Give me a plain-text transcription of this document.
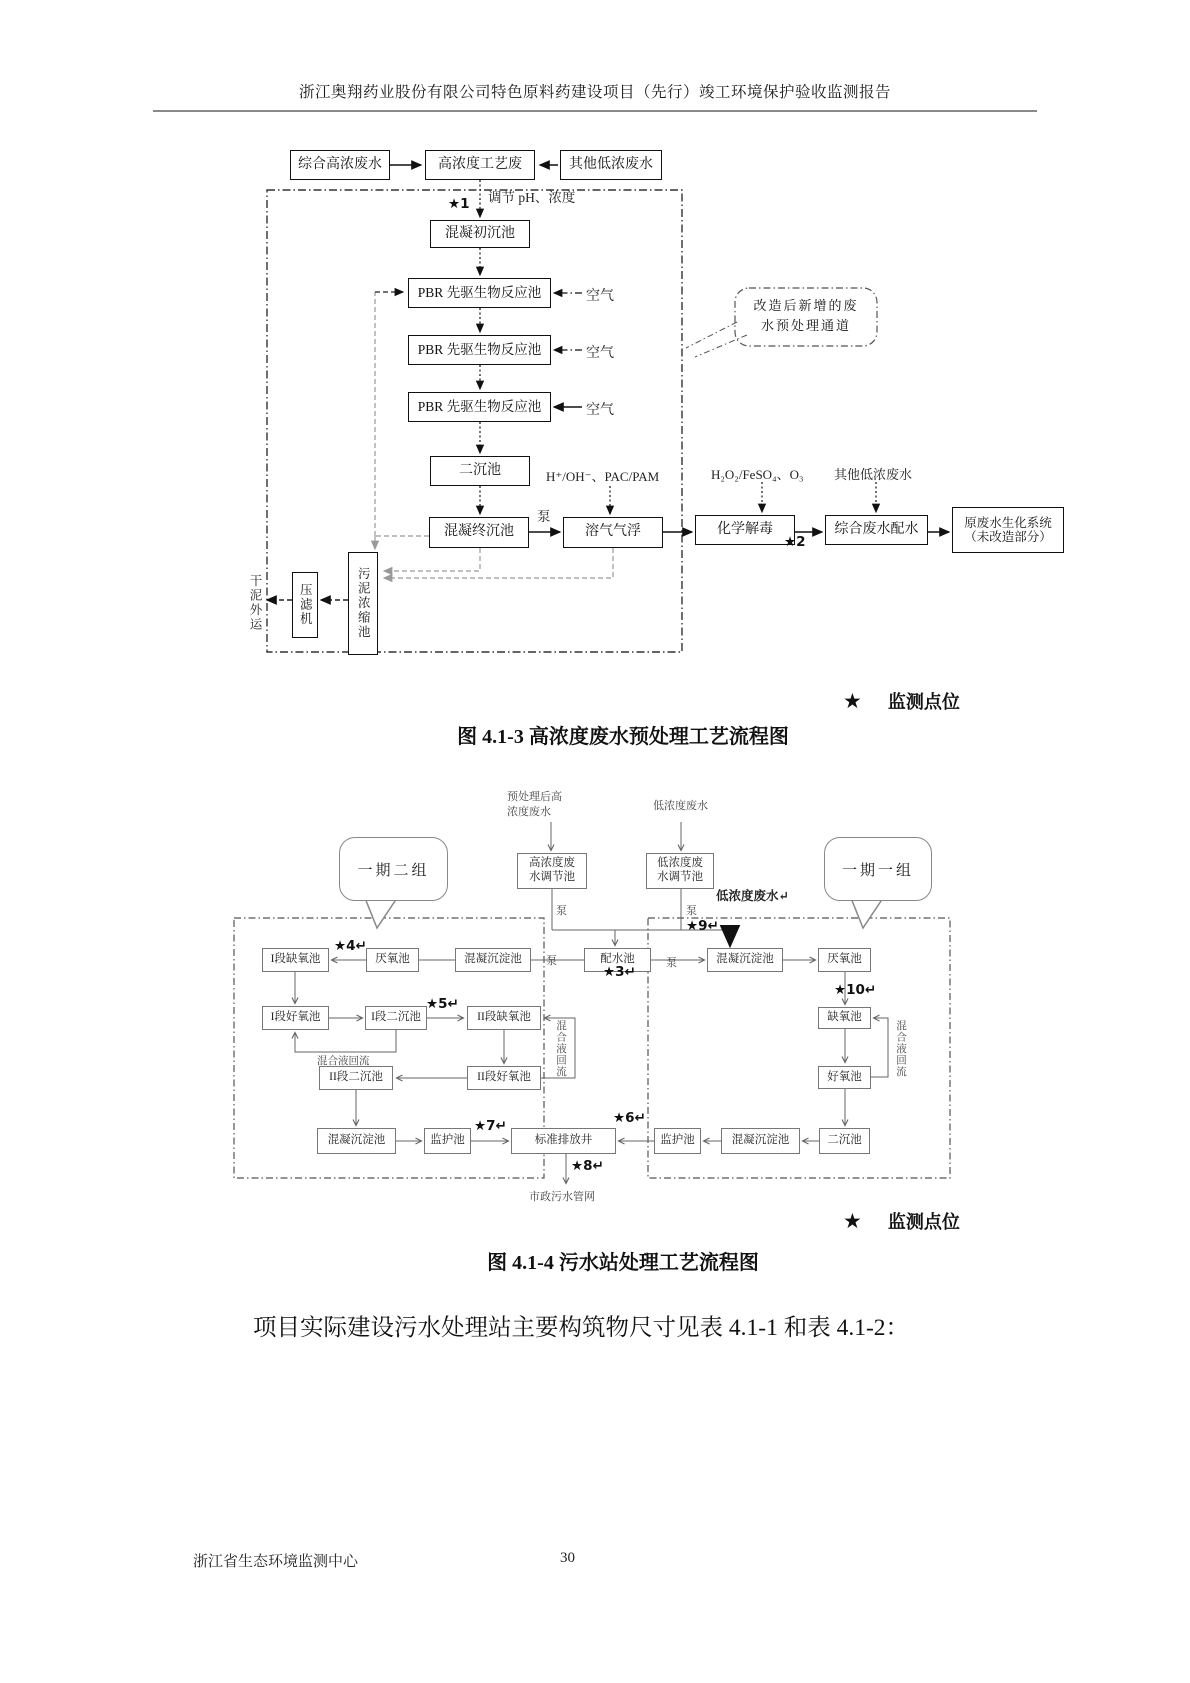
浙江奥翔药业股份有限公司特色原料药建设项目（先行）竣工环境保护验收监测报告
综合高浓废水	高浓度工艺废	其他低浓废水
调节 pH、浓度
★1
混凝初沉池
PBR 先驱生物反应池
PBR 先驱生物反应池
PBR 先驱生物反应池
空气
空气
空气
二沉池
混凝终沉池
泵
溶气气浮
H⁺/OH⁻、PAC/PAM	H₂O₂/FeSO₄、O₃ 其他低浓废水
化学解毒
★2
综合废水配水	原废水生化系统
（未改造部分）
污泥浓缩池
压滤机
干泥外运
改造后新增的废
水预处理通道
★ 监测点位
图 4.1-3 高浓度废水预处理工艺流程图
预处理后高
浓度废水
低浓度废水
一期二组	一期一组
高浓度废
水调节池
低浓度废
水调节池
低浓度废水↵
泵	泵
★9↵
I段缺氧池
★4↵
厌氧池	混凝沉淀池	泵	配水池
★3↵
泵	混凝沉淀池	厌氧池
★10↵
I段好氧池	I段二沉池
★5↵
II段缺氧池	缺氧池
混合液回流
II段二沉池	II段好氧池	混合液回流	好氧池	混合液回流
混凝沉淀池	监护池
★7↵
标准排放井
★6↵
监护池	混凝沉淀池	二沉池
★8↵
市政污水管网
★ 监测点位
图 4.1-4 污水站处理工艺流程图
项目实际建设污水处理站主要构筑物尺寸见表 4.1-1 和表 4.1-2：
浙江省生态环境监测中心	30
